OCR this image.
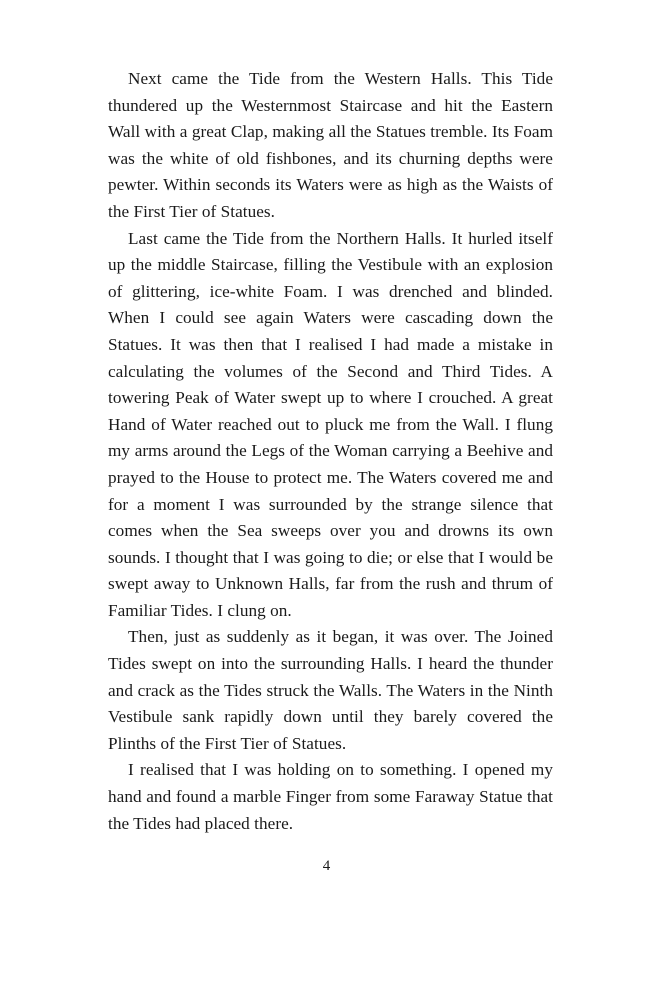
Next came the Tide from the Western Halls. This Tide thundered up the Westernmost Staircase and hit the Eastern Wall with a great Clap, making all the Statues tremble. Its Foam was the white of old fishbones, and its churning depths were pewter. Within seconds its Waters were as high as the Waists of the First Tier of Statues.

Last came the Tide from the Northern Halls. It hurled itself up the middle Staircase, filling the Vestibule with an explosion of glittering, ice-white Foam. I was drenched and blinded. When I could see again Waters were cascading down the Statues. It was then that I realised I had made a mistake in calculating the volumes of the Second and Third Tides. A towering Peak of Water swept up to where I crouched. A great Hand of Water reached out to pluck me from the Wall. I flung my arms around the Legs of the Woman carrying a Beehive and prayed to the House to protect me. The Waters covered me and for a moment I was surrounded by the strange silence that comes when the Sea sweeps over you and drowns its own sounds. I thought that I was going to die; or else that I would be swept away to Unknown Halls, far from the rush and thrum of Familiar Tides. I clung on.

Then, just as suddenly as it began, it was over. The Joined Tides swept on into the surrounding Halls. I heard the thunder and crack as the Tides struck the Walls. The Waters in the Ninth Vestibule sank rapidly down until they barely covered the Plinths of the First Tier of Statues.

I realised that I was holding on to something. I opened my hand and found a marble Finger from some Faraway Statue that the Tides had placed there.

4
